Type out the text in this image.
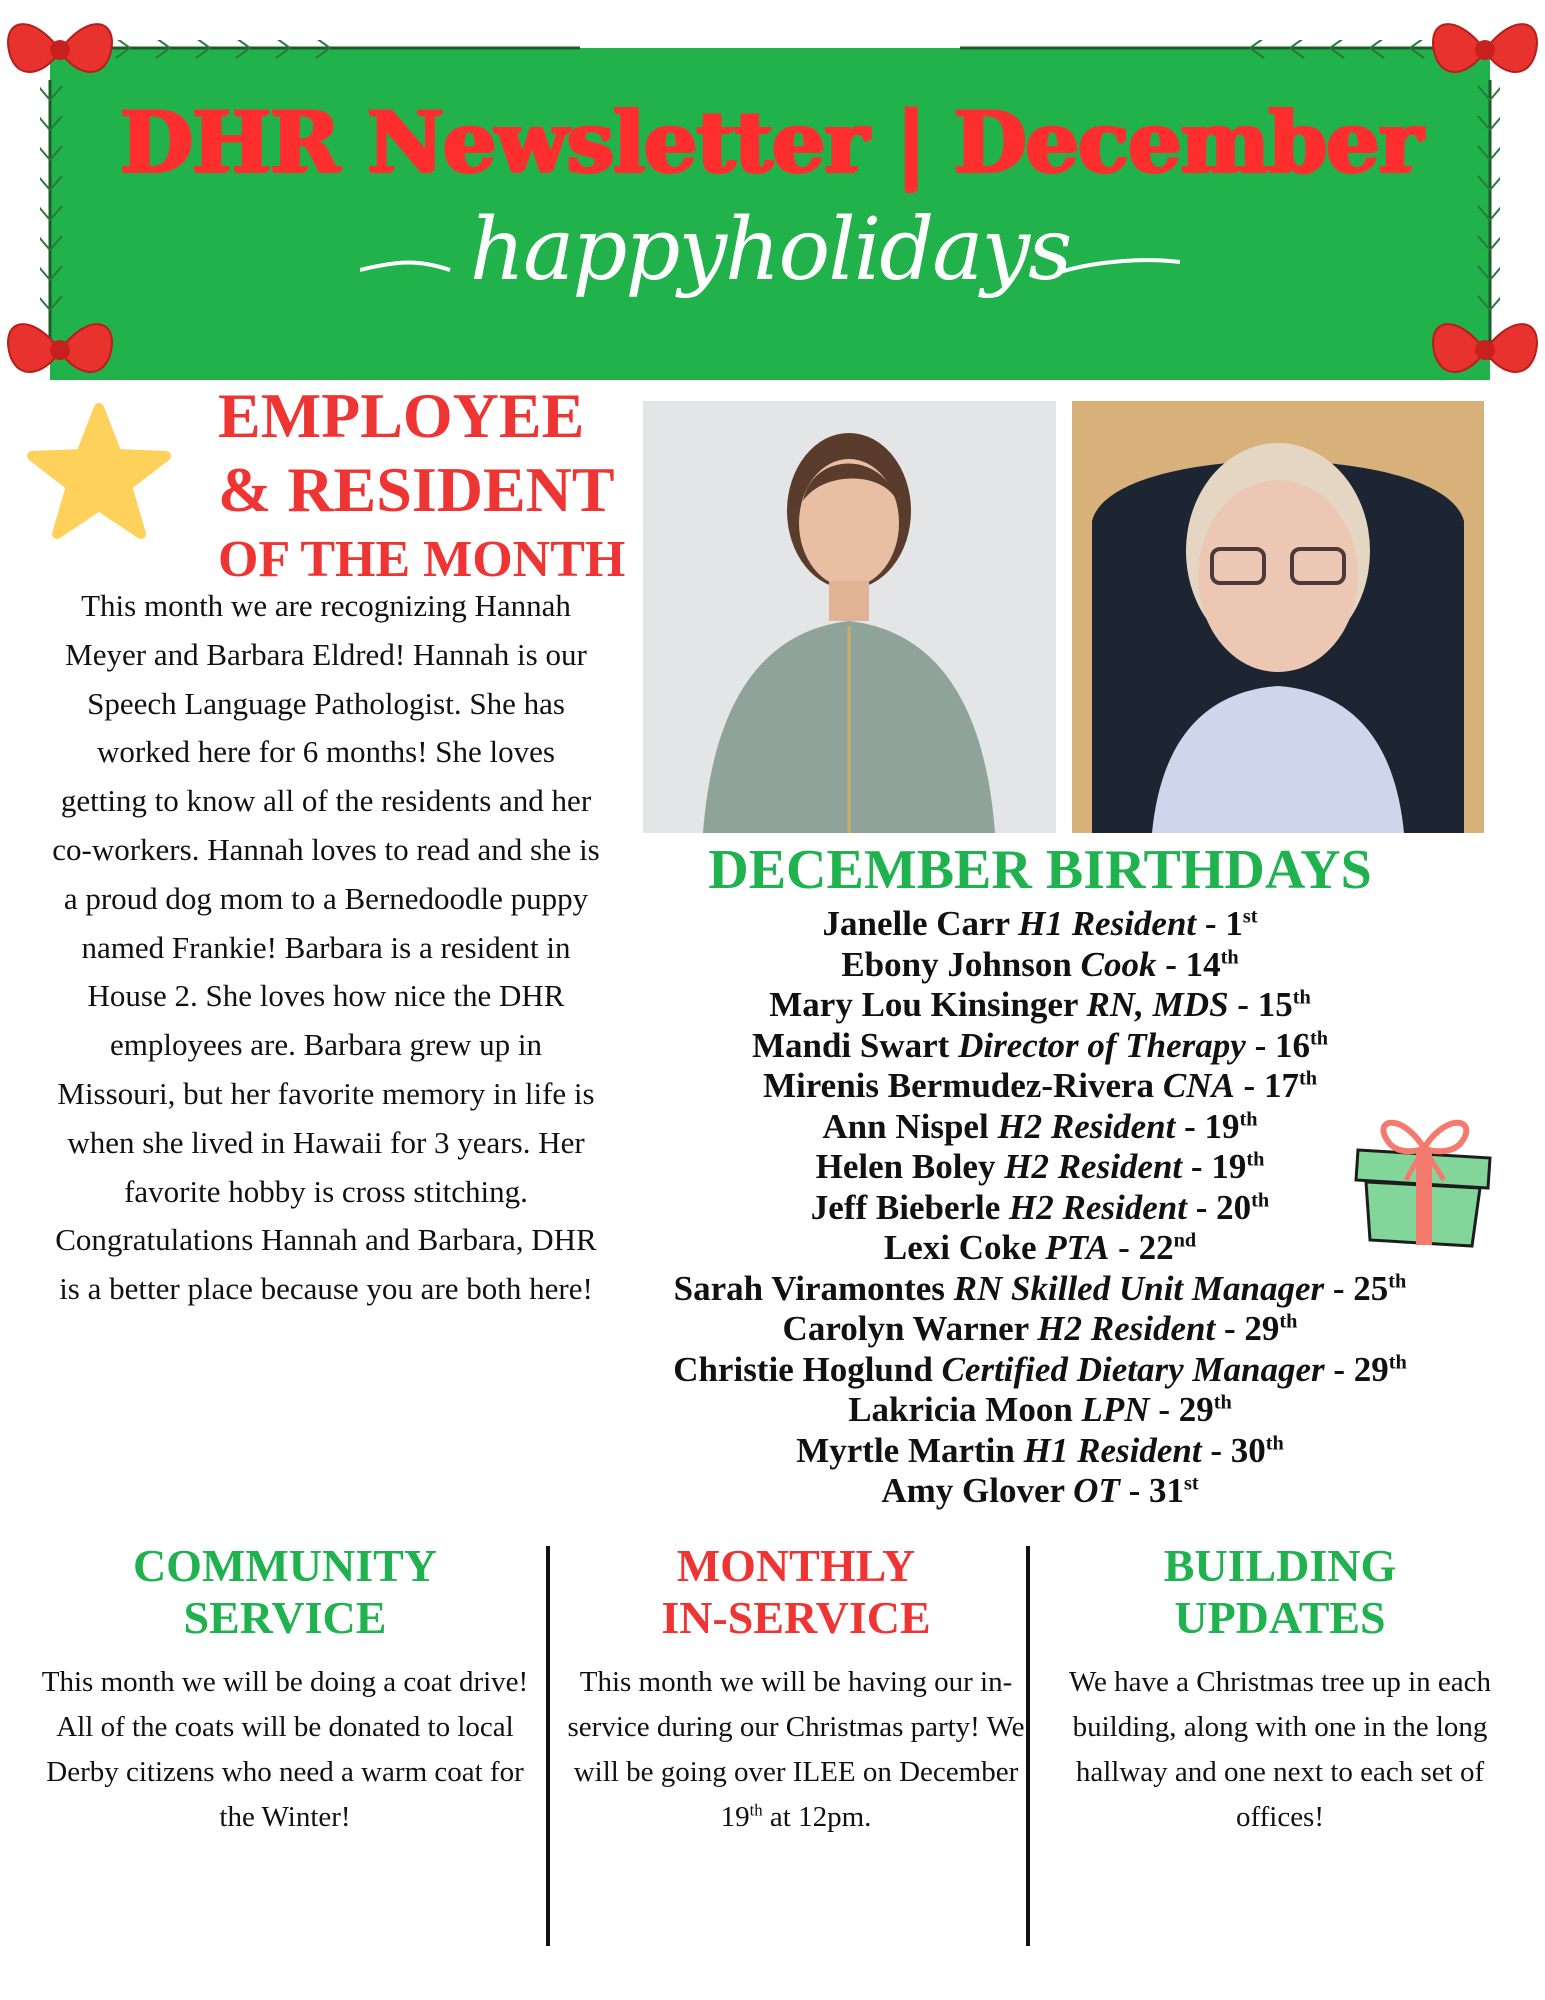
DHR Newsletter | December
happyholidays
EMPLOYEE
& RESIDENT
OF THE MONTH
This month we are recognizing Hannah Meyer and Barbara Eldred! Hannah is our Speech Language Pathologist. She has worked here for 6 months! She loves getting to know all of the residents and her co-workers. Hannah loves to read and she is a proud dog mom to a Bernedoodle puppy named Frankie! Barbara is a resident in House 2. She loves how nice the DHR employees are. Barbara grew up in Missouri, but her favorite memory in life is when she lived in Hawaii for 3 years. Her favorite hobby is cross stitching. Congratulations Hannah and Barbara, DHR is a better place because you are both here!
DECEMBER BIRTHDAYS
Janelle Carr H1 Resident - 1st
Ebony Johnson Cook - 14th
Mary Lou Kinsinger RN, MDS - 15th
Mandi Swart Director of Therapy - 16th
Mirenis Bermudez-Rivera CNA - 17th
Ann Nispel H2 Resident - 19th
Helen Boley H2 Resident - 19th
Jeff Bieberle H2 Resident - 20th
Lexi Coke PTA - 22nd
Sarah Viramontes RN Skilled Unit Manager - 25th
Carolyn Warner H2 Resident - 29th
Christie Hoglund Certified Dietary Manager - 29th
Lakricia Moon LPN - 29th
Myrtle Martin H1 Resident - 30th
Amy Glover OT - 31st
COMMUNITY
SERVICE
This month we will be doing a coat drive! All of the coats will be donated to local Derby citizens who need a warm coat for the Winter!
MONTHLY
IN-SERVICE
This month we will be having our in-service during our Christmas party! We will be going over ILEE on December 19th at 12pm.
BUILDING
UPDATES
We have a Christmas tree up in each building, along with one in the long hallway and one next to each set of offices!
